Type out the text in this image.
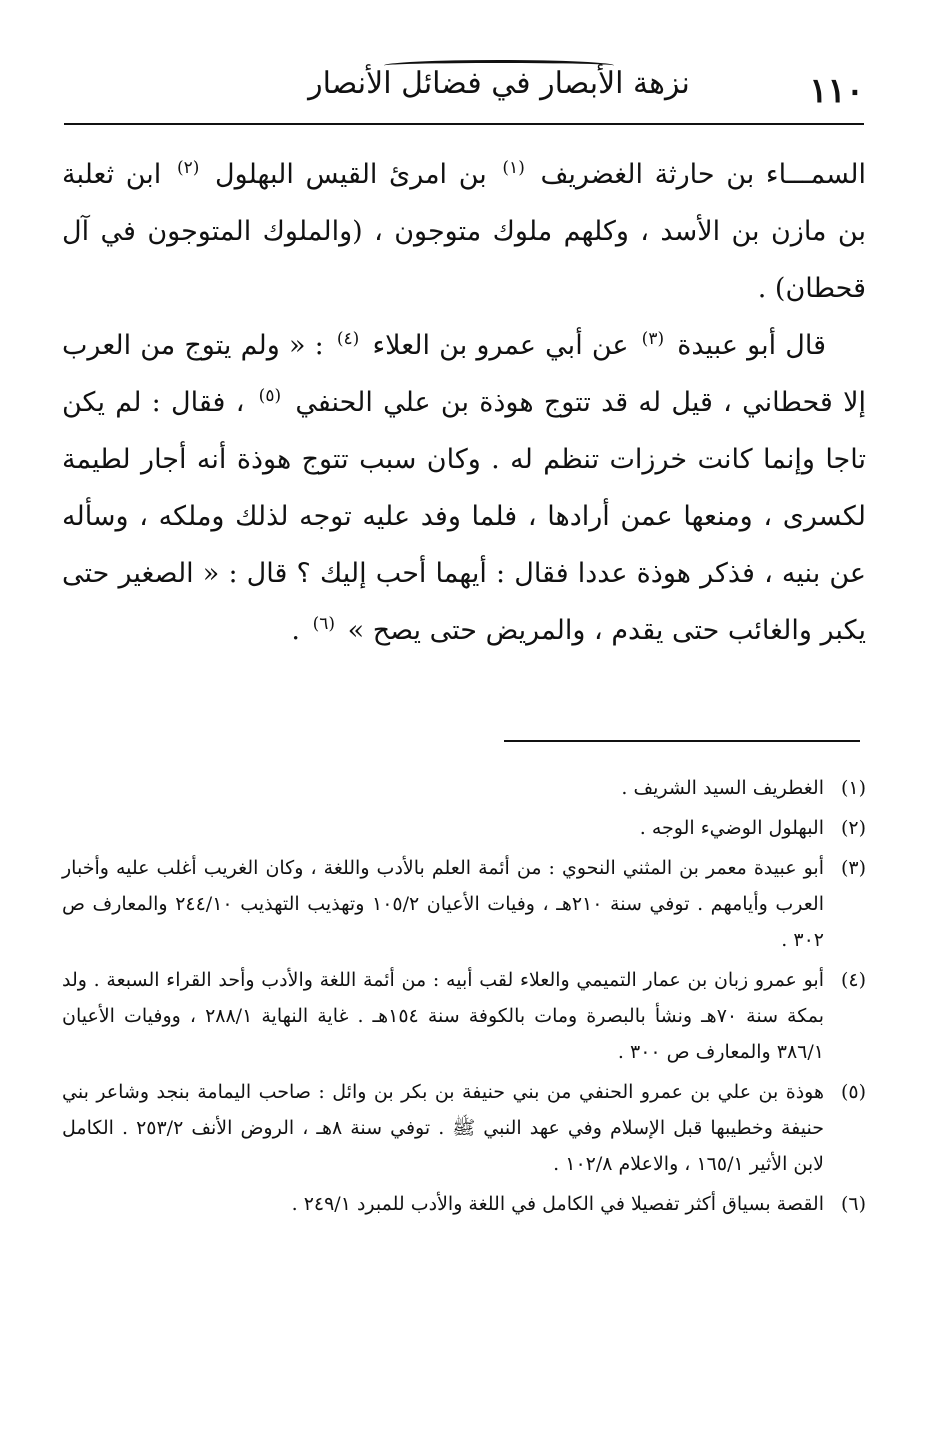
١١٠
نزهة الأبصار في فضائل الأنصار

السمـــاء بن حارثة الغضريف $^{(١)}$ بن امرئ القيس البهلول $^{(٢)}$ ابن ثعلبة بن مازن بن الأسد ، وكلهم ملوك متوجون ، (والملوك المتوجون في آل قحطان) .

قال أبو عبيدة $^{(٣)}$ عن أبي عمرو بن العلاء $^{(٤)}$ : « ولم يتوج من العرب إلا قحطاني ، قيل له قد تتوج هوذة بن علي الحنفي $^{(٥)}$ ، فقال : لم يكن تاجا وإنما كانت خرزات تنظم له . وكان سبب تتوج هوذة أنه أجار لطيمة لكسرى ، ومنعها عمن أرادها ، فلما وفد عليه توجه لذلك وملكه ، وسأله عن بنيه ، فذكر هوذة عددا فقال : أيهما أحب إليك ؟ قال : « الصغير حتى يكبر والغائب حتى يقدم ، والمريض حتى يصح » $^{(٦)}$ .

(١)
الغطريف السيد الشريف .
(٢)
البهلول الوضيء الوجه .
(٣)
أبو عبيدة معمر بن المثني النحوي : من أئمة العلم بالأدب واللغة ، وكان الغريب أغلب عليه وأخبار العرب وأيامهم . توفي سنة ٢١٠هـ ، وفيات الأعيان ١٠٥/٢ وتهذيب التهذيب ٢٤٤/١٠ والمعارف ص ٣٠٢ .
(٤)
أبو عمرو زبان بن عمار التميمي والعلاء لقب أبيه : من أئمة اللغة والأدب وأحد القراء السبعة . ولد بمكة سنة ٧٠هـ ونشأ بالبصرة ومات بالكوفة سنة ١٥٤هـ . غاية النهاية ٢٨٨/١ ، ووفيات الأعيان ٣٨٦/١ والمعارف ص ٣٠٠ .
(٥)
هوذة بن علي بن عمرو الحنفي من بني حنيفة بن بكر بن وائل : صاحب اليمامة بنجد وشاعر بني حنيفة وخطيبها قبل الإسلام وفي عهد النبي ﷺ . توفي سنة ٨هـ ، الروض الأنف ٢٥٣/٢ . الكامل لابن الأثير ١٦٥/١ ، والاعلام ١٠٢/٨ .
(٦)
القصة بسياق أكثر تفصيلا في الكامل في اللغة والأدب للمبرد ٢٤٩/١ .
